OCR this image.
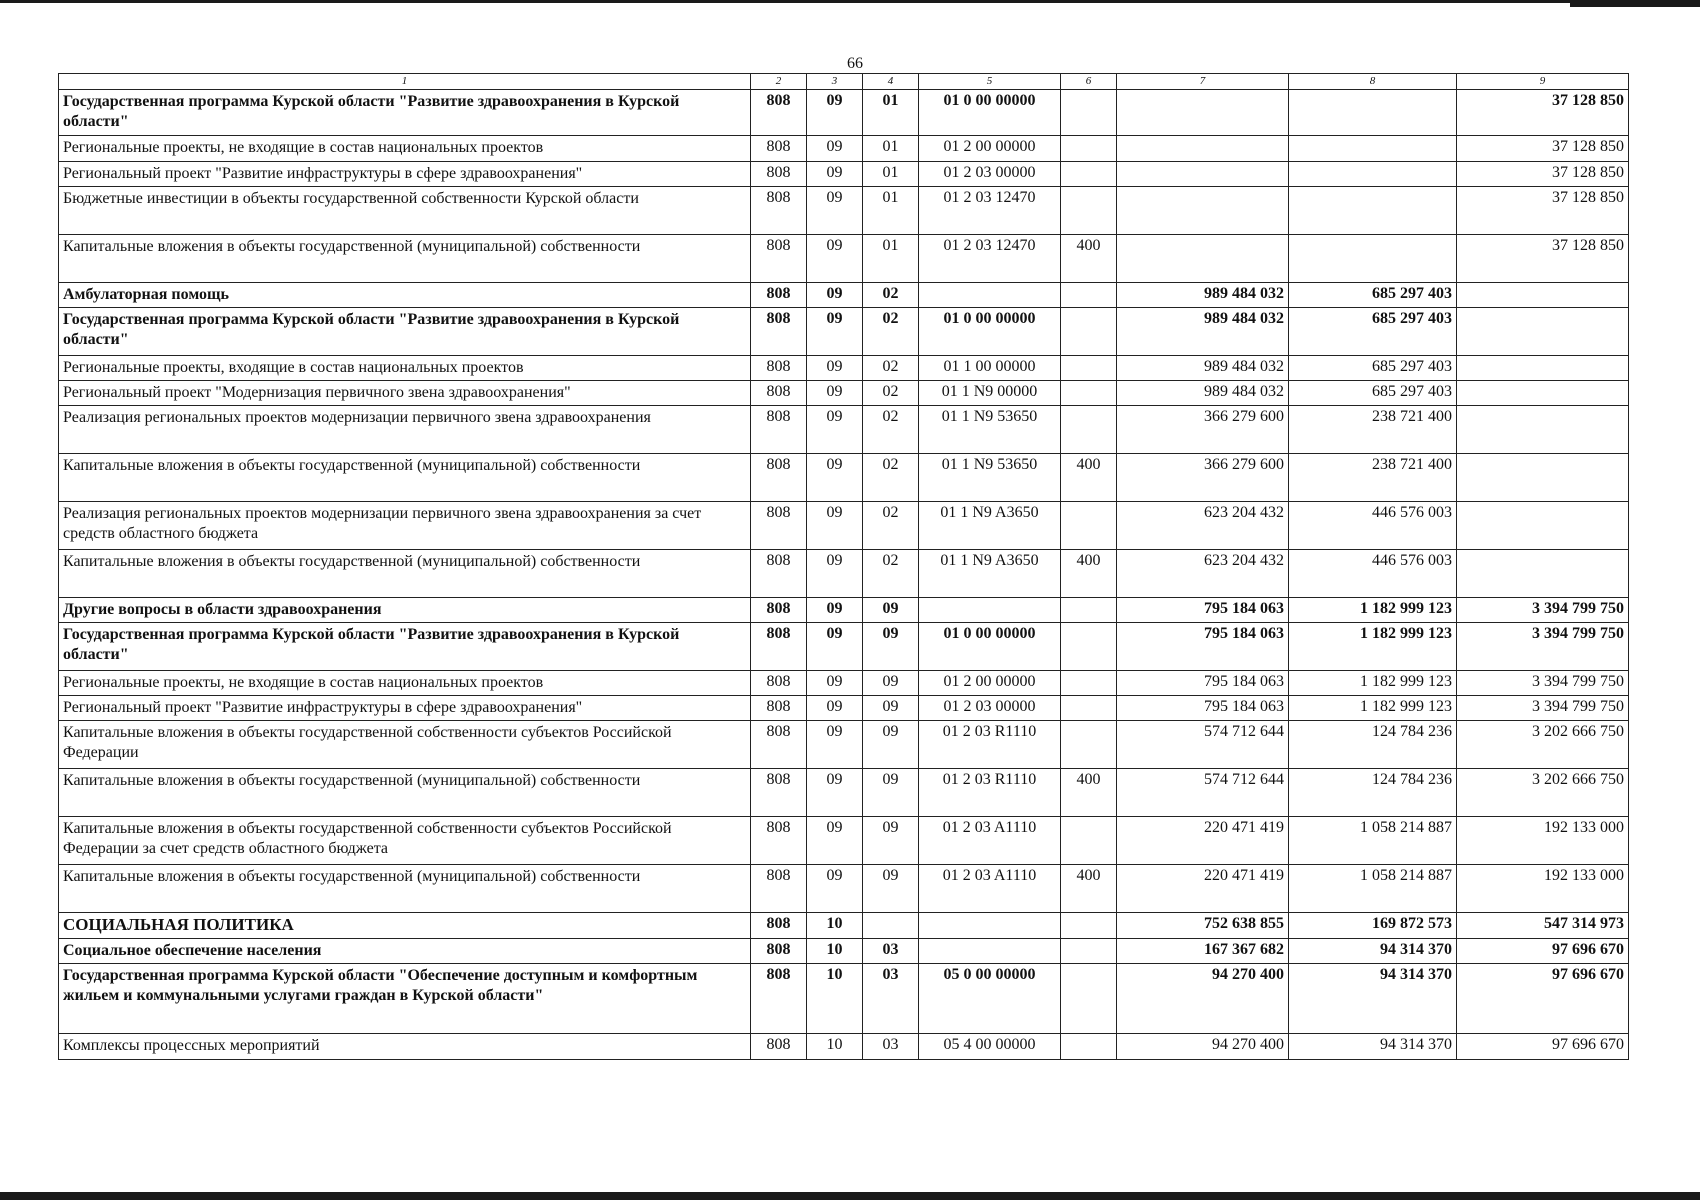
66
1	2	3	4	5	6	7	8	9
Государственная программа Курской области "Развитие здравоохранения в Курской области"	808	09	01	01 0 00 00000				37 128 850
Региональные проекты, не входящие в состав национальных проектов	808	09	01	01 2 00 00000				37 128 850
Региональный проект "Развитие инфраструктуры в сфере здравоохранения"	808	09	01	01 2 03 00000				37 128 850
Бюджетные инвестиции в объекты государственной собственности Курской области	808	09	01	01 2 03 12470				37 128 850
Капитальные вложения в объекты государственной (муниципальной) собственности	808	09	01	01 2 03 12470	400			37 128 850
Амбулаторная помощь	808	09	02			989 484 032	685 297 403	
Государственная программа Курской области "Развитие здравоохранения в Курской области"	808	09	02	01 0 00 00000		989 484 032	685 297 403	
Региональные проекты, входящие в состав национальных проектов	808	09	02	01 1 00 00000		989 484 032	685 297 403	
Региональный проект "Модернизация первичного звена здравоохранения"	808	09	02	01 1 N9 00000		989 484 032	685 297 403	
Реализация региональных проектов модернизации первичного звена здравоохранения	808	09	02	01 1 N9 53650		366 279 600	238 721 400	
Капитальные вложения в объекты государственной (муниципальной) собственности	808	09	02	01 1 N9 53650	400	366 279 600	238 721 400	
Реализация региональных проектов модернизации первичного звена здравоохранения за счет средств областного бюджета	808	09	02	01 1 N9 A3650		623 204 432	446 576 003	
Капитальные вложения в объекты государственной (муниципальной) собственности	808	09	02	01 1 N9 A3650	400	623 204 432	446 576 003	
Другие вопросы в области здравоохранения	808	09	09			795 184 063	1 182 999 123	3 394 799 750
Государственная программа Курской области "Развитие здравоохранения в Курской области"	808	09	09	01 0 00 00000		795 184 063	1 182 999 123	3 394 799 750
Региональные проекты, не входящие в состав национальных проектов	808	09	09	01 2 00 00000		795 184 063	1 182 999 123	3 394 799 750
Региональный проект "Развитие инфраструктуры в сфере здравоохранения"	808	09	09	01 2 03 00000		795 184 063	1 182 999 123	3 394 799 750
Капитальные вложения в объекты государственной собственности субъектов Российской Федерации	808	09	09	01 2 03 R1110		574 712 644	124 784 236	3 202 666 750
Капитальные вложения в объекты государственной (муниципальной) собственности	808	09	09	01 2 03 R1110	400	574 712 644	124 784 236	3 202 666 750
Капитальные вложения в объекты государственной собственности субъектов Российской Федерации за счет средств областного бюджета	808	09	09	01 2 03 A1110		220 471 419	1 058 214 887	192 133 000
Капитальные вложения в объекты государственной (муниципальной) собственности	808	09	09	01 2 03 A1110	400	220 471 419	1 058 214 887	192 133 000
СОЦИАЛЬНАЯ ПОЛИТИКА	808	10				752 638 855	169 872 573	547 314 973
Социальное обеспечение населения	808	10	03			167 367 682	94 314 370	97 696 670
Государственная программа Курской области "Обеспечение доступным и комфортным жильем и коммунальными услугами граждан в Курской области"	808	10	03	05 0 00 00000		94 270 400	94 314 370	97 696 670
Комплексы процессных мероприятий	808	10	03	05 4 00 00000		94 270 400	94 314 370	97 696 670
